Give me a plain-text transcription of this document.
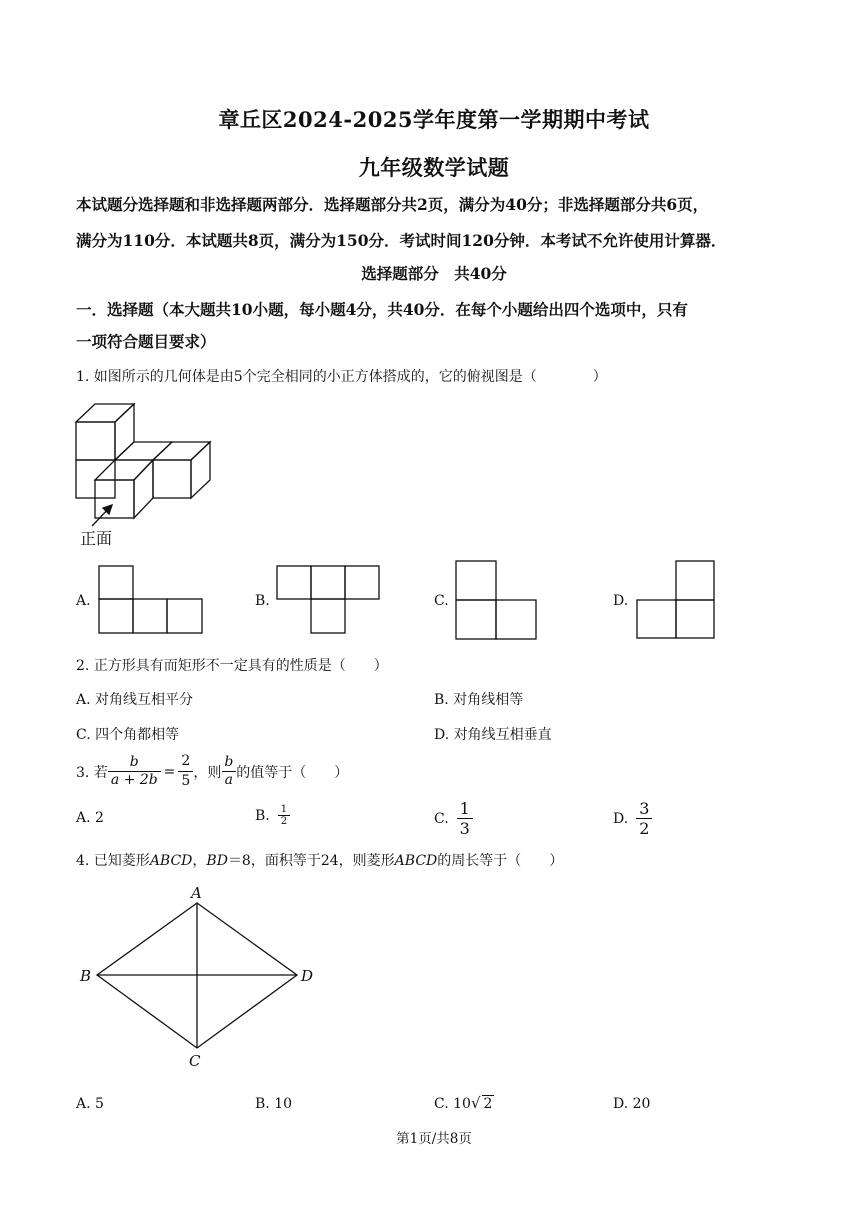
章丘区2024-2025学年度第一学期期中考试
九年级数学试题
本试题分选择题和非选择题两部分．选择题部分共2页，满分为40分；非选择题部分共6页，
满分为110分．本试题共8页，满分为150分．考试时间120分钟．本考试不允许使用计算器．
选择题部分　共40分
一．选择题（本大题共10小题，每小题4分，共40分．在每个小题给出四个选项中，只有
一项符合题目要求）
1. 如图所示的几何体是由5个完全相同的小正方体搭成的，它的俯视图是（　　　　）
正面
A.	B.	C.	D.
2. 正方形具有而矩形不一定具有的性质是（　　）
A. 对角线互相平分	B. 对角线相等
C. 四个角都相等	D. 对角线互相垂直
3. 若 $\frac{b}{a + 2b} = \frac{2}{5}$ ，则 $\frac{b}{a}$ 的值等于（　　）
A. 2	B. $\frac{1}{2}$	C. $\frac{1}{3}$	D. $\frac{3}{2}$
4. 已知菱形ABCD，BD＝8，面积等于24，则菱形ABCD的周长等于（　　）
A
B
C
D
A. 5	B. 10	C. 10√ 2	D. 20
第1页/共8页
